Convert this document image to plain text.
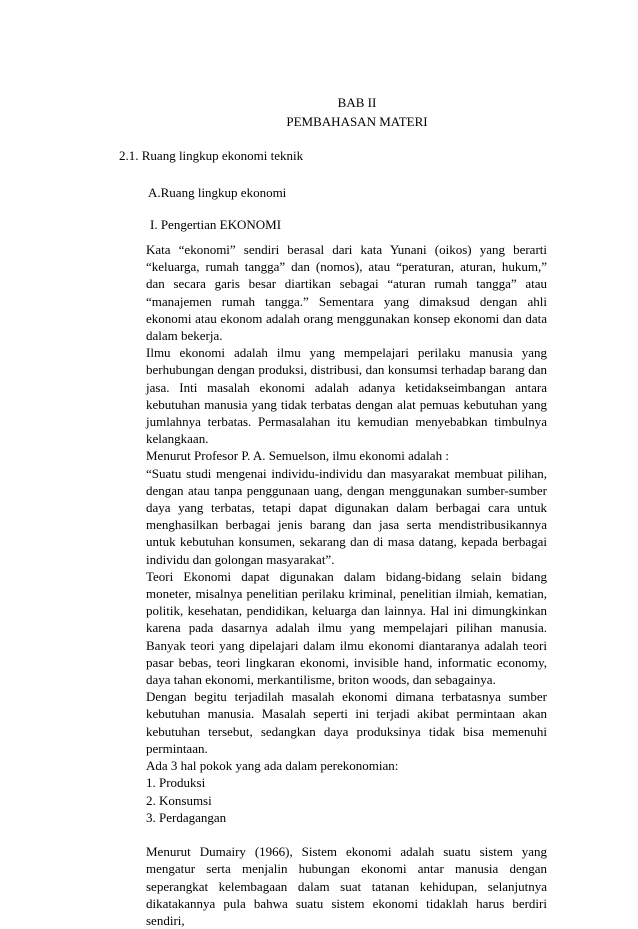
BAB II
PEMBAHASAN MATERI
2.1. Ruang lingkup ekonomi teknik
A.Ruang lingkup ekonomi
I. Pengertian EKONOMI

Kata “ekonomi” sendiri berasal dari kata Yunani (oikos) yang berarti “keluarga, rumah tangga” dan (nomos), atau “peraturan, aturan, hukum,” dan secara garis besar diartikan sebagai “aturan rumah tangga” atau “manajemen rumah tangga.” Sementara yang dimaksud dengan ahli ekonomi atau ekonom adalah orang menggunakan konsep ekonomi dan data dalam bekerja.

Ilmu ekonomi adalah ilmu yang mempelajari perilaku manusia yang berhubungan dengan produksi, distribusi, dan konsumsi terhadap barang dan jasa. Inti masalah ekonomi adalah adanya ketidakseimbangan antara kebutuhan manusia yang tidak terbatas dengan alat pemuas kebutuhan yang jumlahnya terbatas. Permasalahan itu kemudian menyebabkan timbulnya kelangkaan.

Menurut Profesor P. A. Semuelson, ilmu ekonomi adalah :

“Suatu studi mengenai individu-individu dan masyarakat membuat pilihan, dengan atau tanpa penggunaan uang, dengan menggunakan sumber-sumber daya yang terbatas, tetapi dapat digunakan dalam berbagai cara untuk menghasilkan berbagai jenis barang dan jasa serta mendistribusikannya untuk kebutuhan konsumen, sekarang dan di masa datang, kepada berbagai individu dan golongan masyarakat”.

Teori Ekonomi dapat digunakan dalam bidang-bidang selain bidang moneter, misalnya penelitian perilaku kriminal, penelitian ilmiah, kematian, politik, kesehatan, pendidikan, keluarga dan lainnya. Hal ini dimungkinkan karena pada dasarnya adalah ilmu yang mempelajari pilihan manusia. Banyak teori yang dipelajari dalam ilmu ekonomi diantaranya adalah teori pasar bebas, teori lingkaran ekonomi, invisible hand, informatic economy, daya tahan ekonomi, merkantilisme, briton woods, dan sebagainya.

Dengan begitu terjadilah masalah ekonomi dimana terbatasnya sumber kebutuhan manusia. Masalah seperti ini terjadi akibat permintaan akan kebutuhan tersebut, sedangkan daya produksinya tidak bisa memenuhi permintaan.

Ada 3 hal pokok yang ada dalam perekonomian:

1. Produksi
2. Konsumsi
3. Perdagangan

Menurut Dumairy (1966), Sistem ekonomi adalah suatu sistem yang mengatur serta menjalin hubungan ekonomi antar manusia dengan seperangkat kelembagaan dalam suat tatanan kehidupan, selanjutnya dikatakannya pula bahwa suatu sistem ekonomi tidaklah harus berdiri sendiri,
